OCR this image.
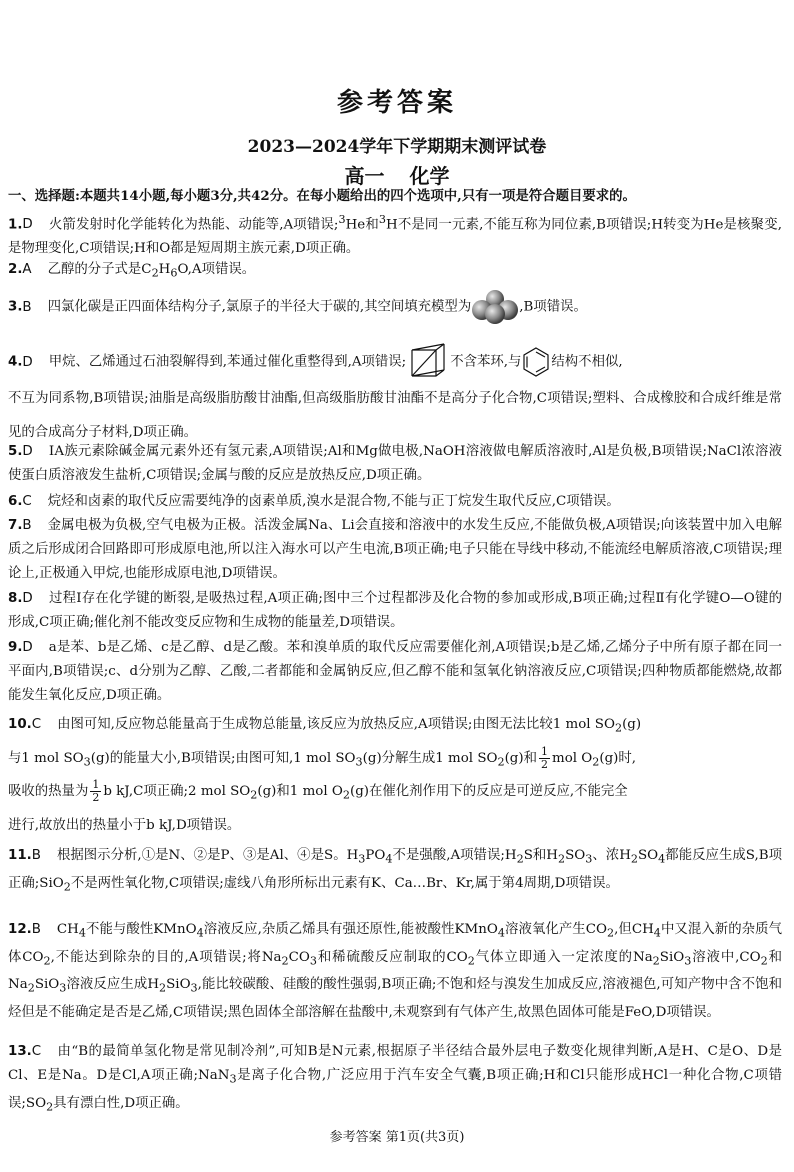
参考答案
2023—2024学年下学期期末测评试卷
高一 化学
一、选择题:本题共14小题,每小题3分,共42分。在每小题给出的四个选项中,只有一项是符合题目要求的。
1.D 火箭发射时化学能转化为热能、动能等,A项错误;$^3$He和$^3$H不是同一元素,不能互称为同位素,B项错误;H转变为He是核聚变,是物理变化,C项错误;H和O都是短周期主族元素,D项正确。
2.A 乙醇的分子式是$C_2H_6O,A$项错误。
3.B 四氯化碳是正四面体结构分子,氯原子的半径大于碳的,其空间填充模型为	,B项错误。
4.D 甲烷、乙烯通过石油裂解得到,苯通过催化重整得到,A项错误;	不含苯环,与 结构不相似,
不互为同系物,B项错误;油脂是高级脂肪酸甘油酯,但高级脂肪酸甘油酯不是高分子化合物,C项错误;塑料、合成橡胶和合成纤维是常见的合成高分子材料,D项正确。
5.D ⅠA族元素除碱金属元素外还有氢元素,A项错误;Al和Mg做电极,NaOH溶液做电解质溶液时,Al是负极,B项错误;NaCl浓溶液使蛋白质溶液发生盐析,C项错误;金属与酸的反应是放热反应,D项正确。
6.C 烷烃和卤素的取代反应需要纯净的卤素单质,溴水是混合物,不能与正丁烷发生取代反应,C项错误。
7.B 金属电极为负极,空气电极为正极。活泼金属Na、Li会直接和溶液中的水发生反应,不能做负极,A项错误;向该装置中加入电解质之后形成闭合回路即可形成原电池,所以注入海水可以产生电流,B项正确;电子只能在导线中移动,不能流经电解质溶液,C项错误;理论上,正极通入甲烷,也能形成原电池,D项错误。
8.D 过程Ⅰ存在化学键的断裂,是吸热过程,A项正确;图中三个过程都涉及化合物的参加或形成,B项正确;过程Ⅱ有化学键O—O键的形成,C项正确;催化剂不能改变反应物和生成物的能量差,D项错误。
9.D a是苯、b是乙烯、c是乙醇、d是乙酸。苯和溴单质的取代反应需要催化剂,A项错误;b是乙烯,乙烯分子中所有原子都在同一平面内,B项错误;c、d分别为乙醇、乙酸,二者都能和金属钠反应,但乙醇不能和氢氧化钠溶液反应,C项错误;四种物质都能燃烧,故都能发生氧化反应,D项正确。
10.C 由图可知,反应物总能量高于生成物总能量,该反应为放热反应,A项错误;由图无法比较1 mol $SO_2(g)$
与1 mol $SO_3(g)$的能量大小,B项错误;由图可知,1 mol $SO_3(g)$分解生成1 mol $SO_2(g)$和 $\frac{1}{2}$ mol $O_2(g)$时,
吸收的热量为 $\frac{1}{2}$ b kJ,C项正确;2 mol $SO_2(g)$和1 mol $O_2(g)$在催化剂作用下的反应是可逆反应,不能完全
进行,故放出的热量小于b kJ,D项错误。
11.B 根据图示分析,①是N、②是P、③是Al、④是S。$H_3PO_4$不是强酸,A项错误$;H_2S$和$H_2SO_3$、浓$H_2SO_4$都能反应生成S,B项正确;SiO$_2$不是两性氧化物,C项错误;虚线八角形所标出元素有K、Ca…Br、Kr,属于第4周期,D项错误。
12.B $CH_4$不能与酸性KMnO$_4$溶液反应,杂质乙烯具有强还原性,能被酸性KMnO$_4$溶液氧化产生$CO_2$,但$CH_4$中又混入新的杂质气体$CO_2$,不能达到除杂的目的,A项错误;将$Na_2CO_3$和稀硫酸反应制取的$CO_2$气体立即通入一定浓度的$Na_2SiO_3$溶液中$,CO_2$和$Na_2SiO_3$溶液反应生成$H_2SiO_3$,能比较碳酸、硅酸的酸性强弱,B项正确;不饱和烃与溴发生加成反应,溶液褪色,可知产物中含不饱和烃但是不能确定是否是乙烯,C项错误;黑色固体全部溶解在盐酸中,未观察到有气体产生,故黑色固体可能是FeO,D项错误。
13.C 由“B的最简单氢化物是常见制冷剂”,可知B是N元素,根据原子半径结合最外层电子数变化规律判断,A是H、C是O、D是Cl、E是Na。D是Cl,A项正确;NaN$_3$是离子化合物,广泛应用于汽车安全气囊,B项正确;H和Cl只能形成HCl一种化合物,C项错误$;SO_2$具有漂白性,D项正确。
参考答案 第1页(共3页)
